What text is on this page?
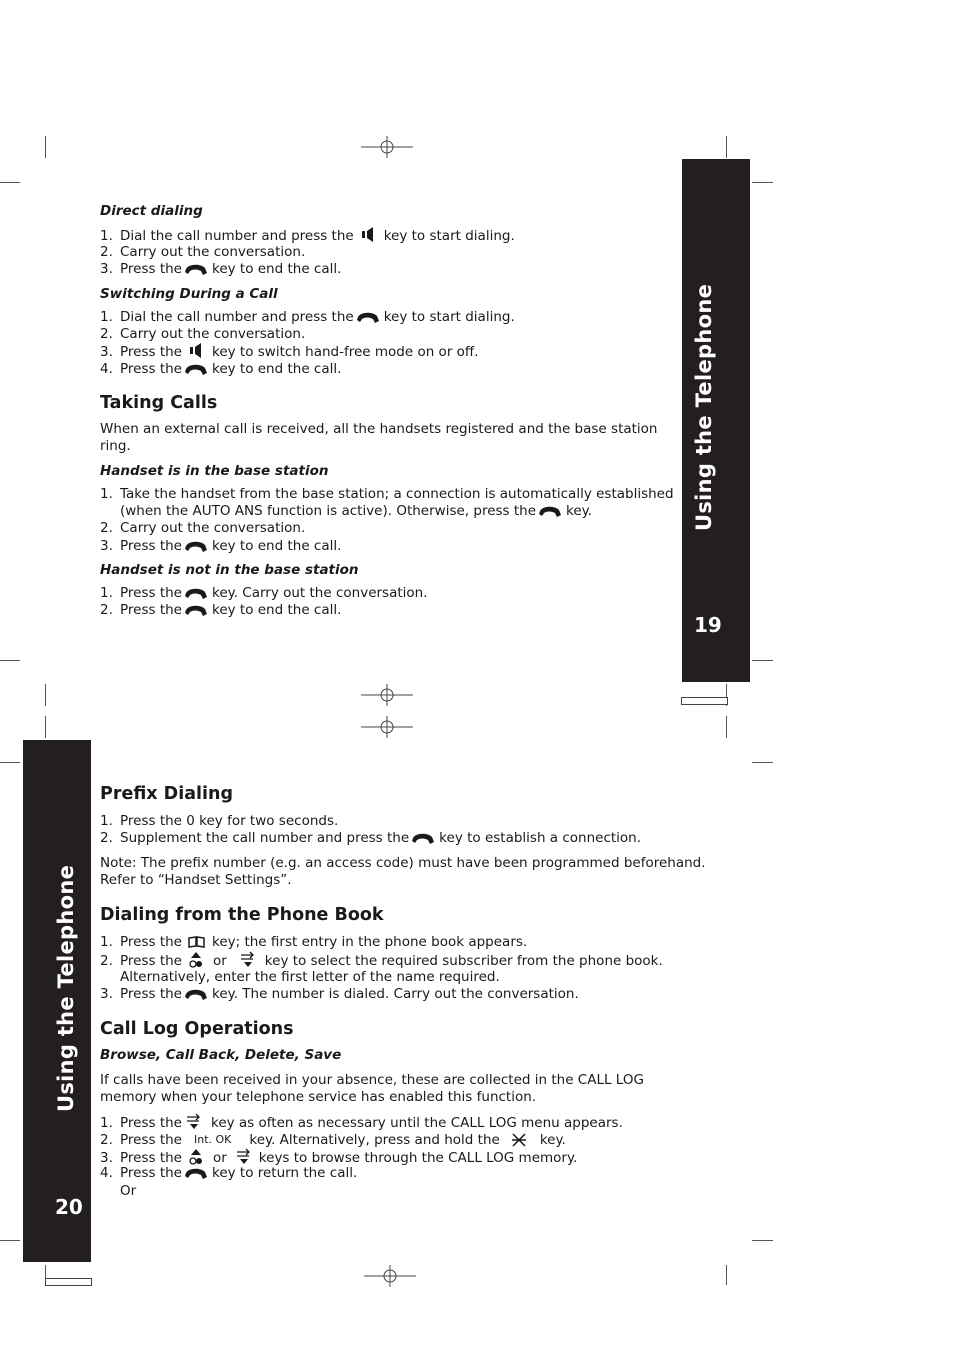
Using the Telephone
19
Using the Telephone
20
Direct dialing
1. Dial the call number and press the key to start dialing.
2. Carry out the conversation.
3. Press the key to end the call.
Switching During a Call
1. Dial the call number and press the key to start dialing.
2. Carry out the conversation.
3. Press the key to switch hand-free mode on or off.
4. Press the key to end the call.
Taking Calls
When an external call is received, all the handsets registered and the base station
ring.
Handset is in the base station
1. Take the handset from the base station; a connection is automatically established
(when the AUTO ANS function is active). Otherwise, press the key.
2. Carry out the conversation.
3. Press the key to end the call.
Handset is not in the base station
1. Press the key. Carry out the conversation.
2. Press the key to end the call.
Prefix Dialing
1. Press the 0 key for two seconds.
2. Supplement the call number and press the key to establish a connection.
Note: The prefix number (e.g. an access code) must have been programmed beforehand.
Refer to “Handset Settings”.
Dialing from the Phone Book
1. Press the key; the first entry in the phone book appears.
2. Press the or	key to select the required subscriber from the phone book.
Alternatively, enter the first letter of the name required.
3. Press the key. The number is dialed. Carry out the conversation.
Call Log Operations
Browse, Call Back, Delete, Save
If calls have been received in your absence, these are collected in the CALL LOG
memory when your telephone service has enabled this function.
1. Press the key as often as necessary until the CALL LOG menu appears.
2. Press the Int. OK key. Alternatively, press and hold the	key.
3. Press the or keys to browse through the CALL LOG memory.
4. Press the key to return the call.
Or
